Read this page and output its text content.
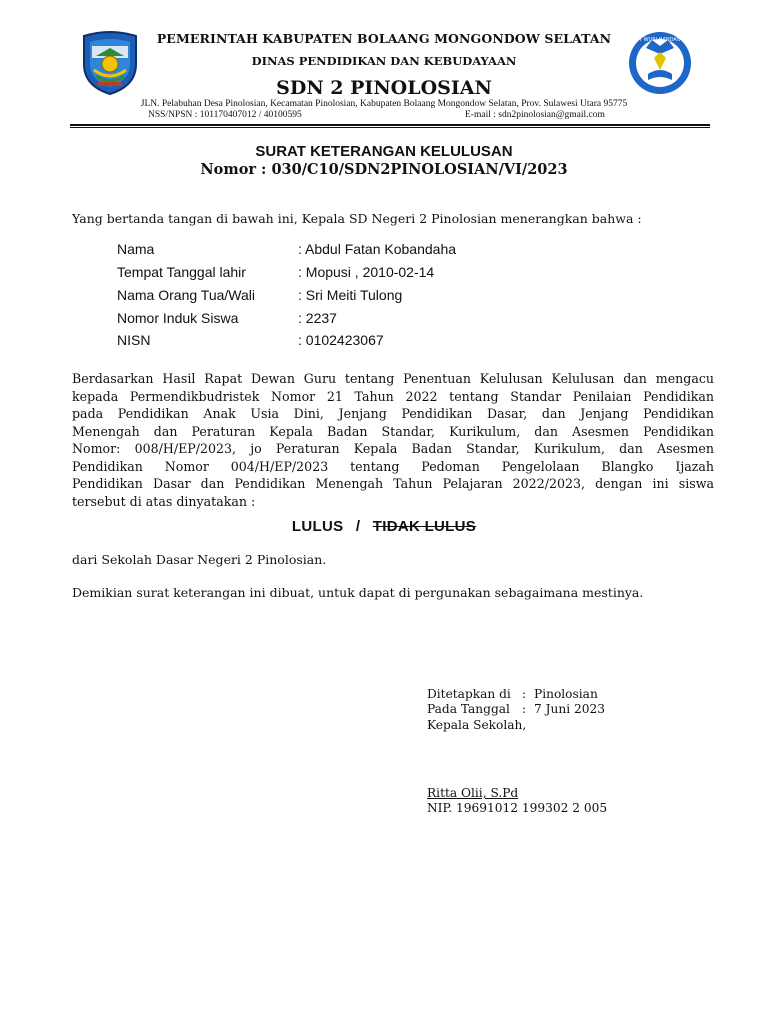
TUT WURI HANDAYANI
PEMERINTAH KABUPATEN BOLAANG MONGONDOW SELATAN
DINAS PENDIDIKAN DAN KEBUDAYAAN
SDN 2 PINOLOSIAN
JLN. Pelabuhan Desa Pinolosian, Kecamatan Pinolosian, Kabupaten Bolaang Mongondow Selatan, Prov. Sulawesi Utara 95775
NSS/NPSN : 101170407012 / 40100595	E-mail : sdn2pinolosian@gmail.com
SURAT KETERANGAN KELULUSAN
Nomor : 030/C10/SDN2PINOLOSIAN/VI/2023
Yang bertanda tangan di bawah ini, Kepala SD Negeri 2 Pinolosian menerangkan bahwa :
Nama	: Abdul Fatan Kobandaha
Tempat Tanggal lahir	: Mopusi , 2010-02-14
Nama Orang Tua/Wali	: Sri Meiti Tulong
Nomor Induk Siswa	: 2237
NISN	: 0102423067
Berdasarkan Hasil Rapat Dewan Guru tentang Penentuan Kelulusan Kelulusan dan mengacu
kepada Permendikbudristek Nomor 21 Tahun 2022 tentang Standar Penilaian Pendidikan
pada Pendidikan Anak Usia Dini, Jenjang Pendidikan Dasar, dan Jenjang Pendidikan
Menengah dan Peraturan Kepala Badan Standar, Kurikulum, dan Asesmen Pendidikan
Nomor: 008/H/EP/2023, jo Peraturan Kepala Badan Standar, Kurikulum, dan Asesmen
Pendidikan Nomor 004/H/EP/2023 tentang Pedoman Pengelolaan Blangko Ijazah
Pendidikan Dasar dan Pendidikan Menengah Tahun Pelajaran 2022/2023, dengan ini siswa
tersebut di atas dinyatakan :
LULUS / TIDAK LULUS
dari Sekolah Dasar Negeri 2 Pinolosian.
Demikian surat keterangan ini dibuat, untuk dapat di pergunakan sebagaimana mestinya.
Ditetapkan di : Pinolosian
Pada Tanggal : 7 Juni 2023
Kepala Sekolah,
Ritta Olii, S.Pd
NIP. 19691012 199302 2 005
